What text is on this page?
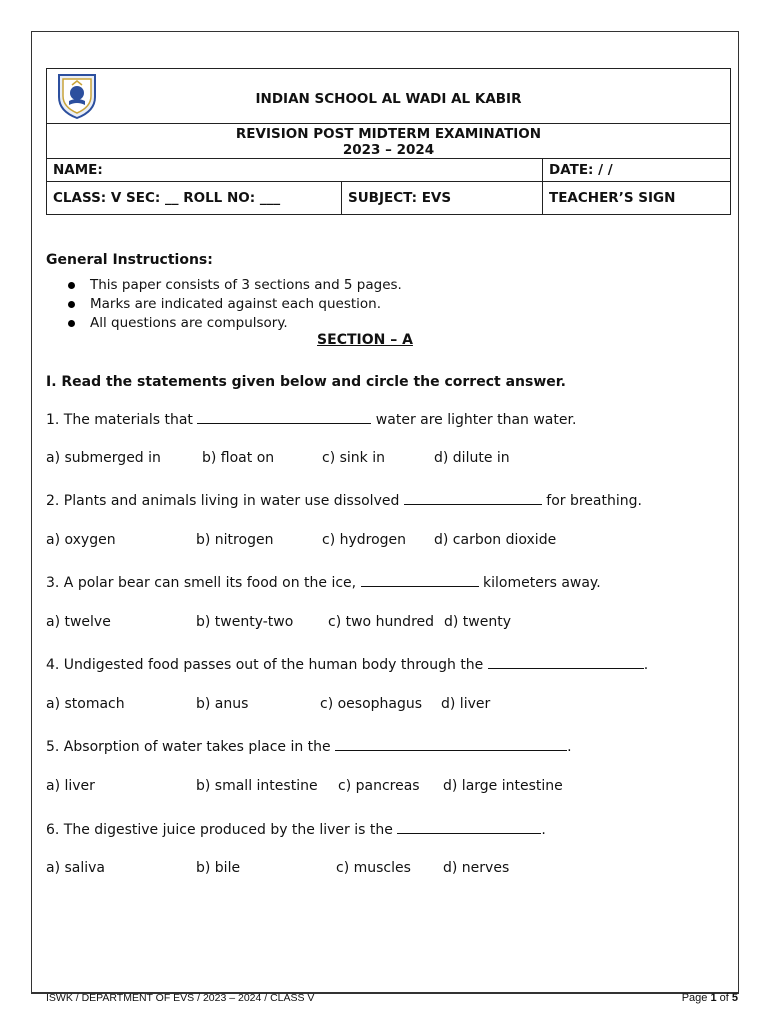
INDIAN SCHOOL AL WADI AL KABIR		

REVISION POST MIDTERM EXAMINATION
2023 – 2024		

NAME:		DATE: / /
CLASS: V SEC: __ ROLL NO: ___	SUBJECT: EVS	TEACHER’S SIGN
General Instructions:
This paper consists of 3 sections and 5 pages.
Marks are indicated against each question.
All questions are compulsory.
SECTION – A
I. Read the statements given below and circle the correct answer.
1. The materials that	water are lighter than water.
a) submerged in	b) float on	c) sink in	d) dilute in
2. Plants and animals living in water use dissolved	for breathing.
a) oxygen	b) nitrogen	c) hydrogen d) carbon dioxide
3. A polar bear can smell its food on the ice,	kilometers away.
a) twelve	b) twenty-two c) two hundred d) twenty
4. Undigested food passes out of the human body through the	.
a) stomach	b) anus	c) oesophagus d) liver
5. Absorption of water takes place in the	.
a) liver	b) small intestine c) pancreas d) large intestine
6. The digestive juice produced by the liver is the	.
a) saliva	b) bile	c) muscles d) nerves
ISWK / DEPARTMENT OF EVS / 2023 – 2024 / CLASS V	Page 1 of 5
